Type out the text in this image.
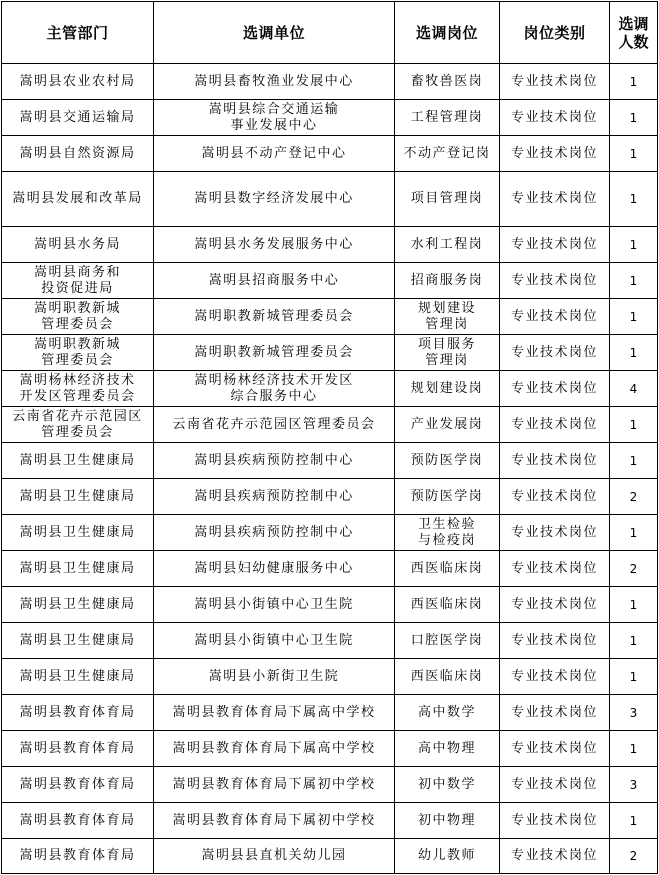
主管部门	选调单位	选调岗位	岗位类别	选调
人数

嵩明县农业农村局	嵩明县畜牧渔业发展中心	畜牧兽医岗	专业技术岗位	1

嵩明县交通运输局	嵩明县综合交通运输
事业发展中心	工程管理岗	专业技术岗位	1

嵩明县自然资源局	嵩明县不动产登记中心	不动产登记岗	专业技术岗位	1

嵩明县发展和改革局	嵩明县数字经济发展中心	项目管理岗	专业技术岗位	1

嵩明县水务局	嵩明县水务发展服务中心	水利工程岗	专业技术岗位	1

嵩明县商务和
投资促进局	嵩明县招商服务中心	招商服务岗	专业技术岗位	1

嵩明职教新城
管理委员会	嵩明职教新城管理委员会	规划建设
管理岗	专业技术岗位	1

嵩明职教新城
管理委员会	嵩明职教新城管理委员会	项目服务
管理岗	专业技术岗位	1

嵩明杨林经济技术
开发区管理委员会	嵩明杨林经济技术开发区
综合服务中心	规划建设岗	专业技术岗位	4

云南省花卉示范园区
管理委员会	云南省花卉示范园区管理委员会	产业发展岗	专业技术岗位	1

嵩明县卫生健康局	嵩明县疾病预防控制中心	预防医学岗	专业技术岗位	1

嵩明县卫生健康局	嵩明县疾病预防控制中心	预防医学岗	专业技术岗位	2

嵩明县卫生健康局	嵩明县疾病预防控制中心	卫生检验
与检疫岗	专业技术岗位	1

嵩明县卫生健康局	嵩明县妇幼健康服务中心	西医临床岗	专业技术岗位	2

嵩明县卫生健康局	嵩明县小街镇中心卫生院	西医临床岗	专业技术岗位	1

嵩明县卫生健康局	嵩明县小街镇中心卫生院	口腔医学岗	专业技术岗位	1

嵩明县卫生健康局	嵩明县小新街卫生院	西医临床岗	专业技术岗位	1

嵩明县教育体育局	嵩明县教育体育局下属高中学校	高中数学	专业技术岗位	3

嵩明县教育体育局	嵩明县教育体育局下属高中学校	高中物理	专业技术岗位	1

嵩明县教育体育局	嵩明县教育体育局下属初中学校	初中数学	专业技术岗位	3

嵩明县教育体育局	嵩明县教育体育局下属初中学校	初中物理	专业技术岗位	1

嵩明县教育体育局	嵩明县县直机关幼儿园	幼儿教师	专业技术岗位	2
